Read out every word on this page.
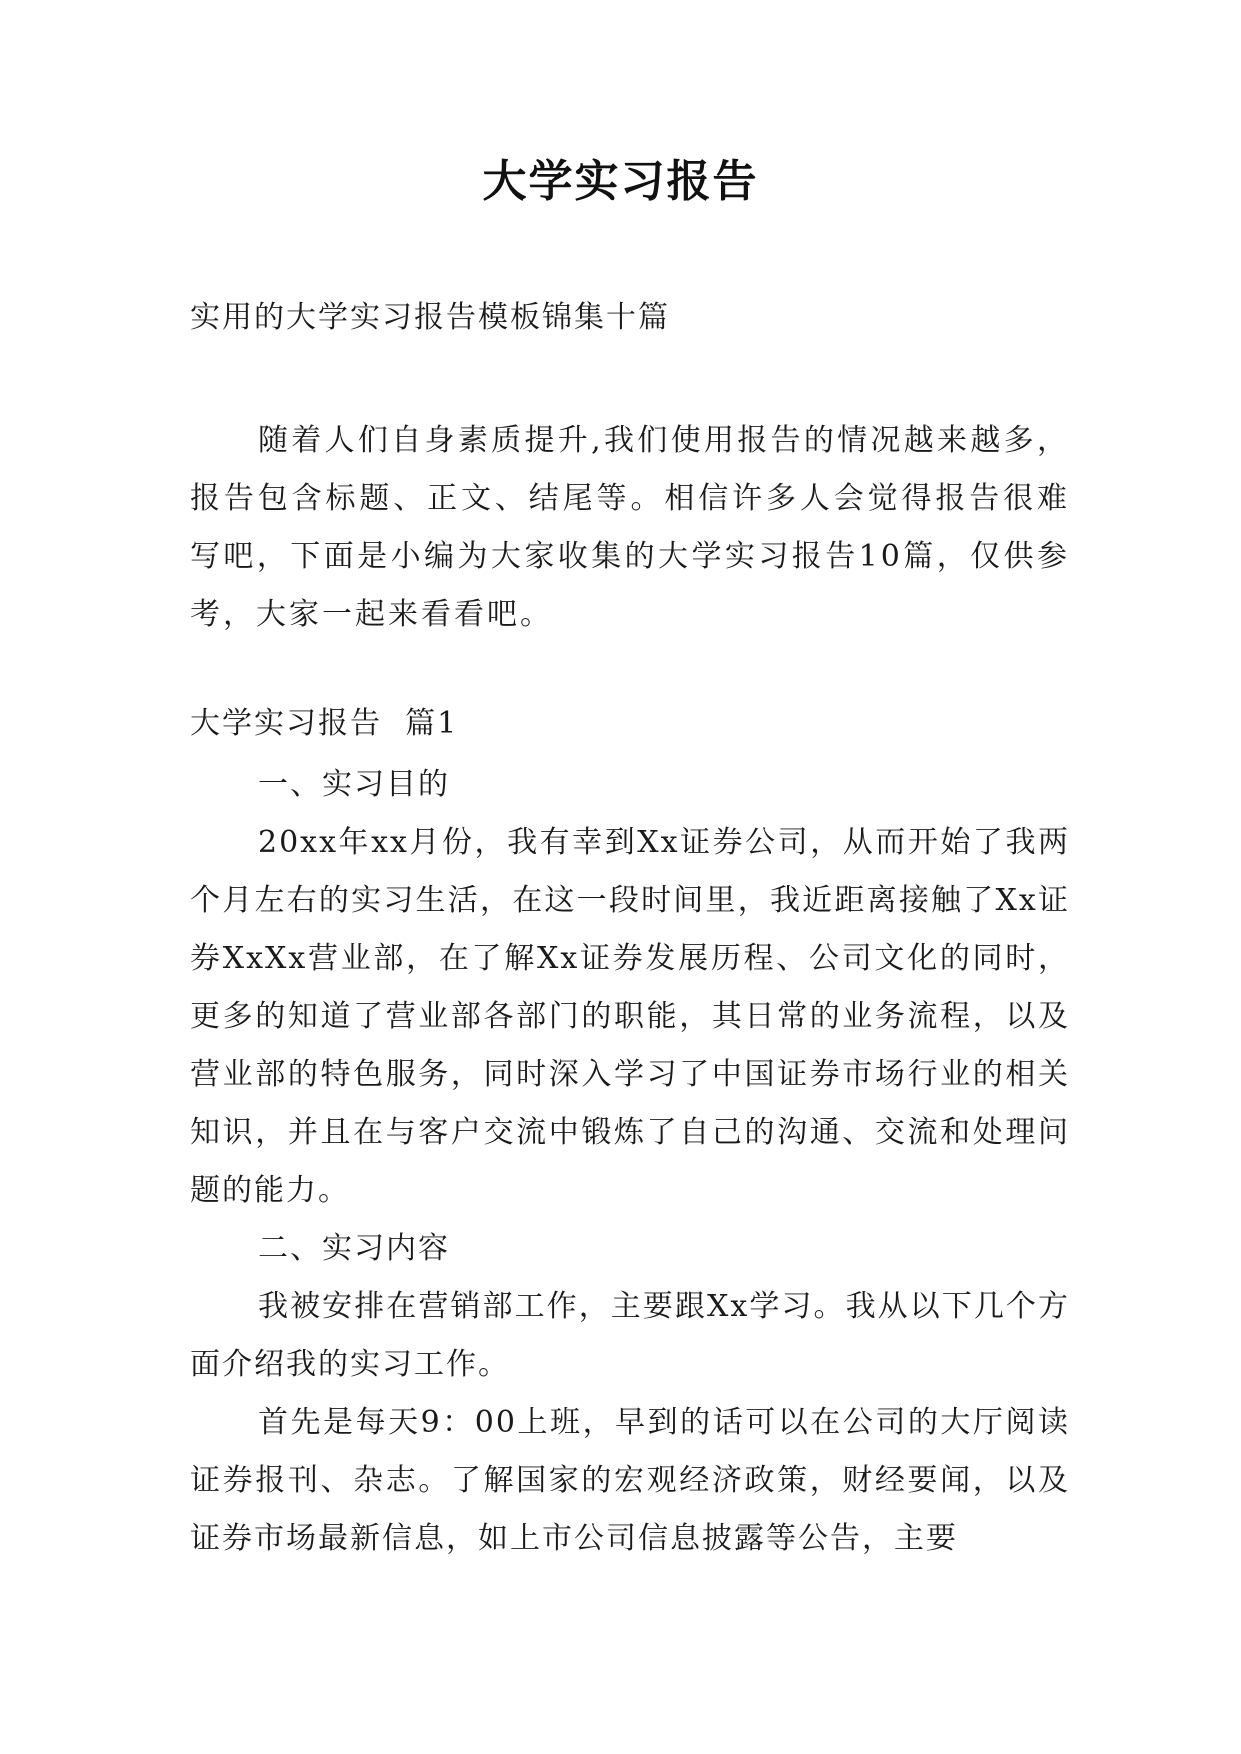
大学实习报告
实用的大学实习报告模板锦集十篇
随着人们自身素质提升,我们使用报告的情况越来越多，报告包含标题、正文、结尾等。相信许多人会觉得报告很难写吧，下面是小编为大家收集的大学实习报告10篇，仅供参考，大家一起来看看吧。
大学实习报告  篇1

一、实习目的

20xx年xx月份，我有幸到Xx证券公司，从而开始了我两个月左右的实习生活，在这一段时间里，我近距离接触了Xx证券XxXx营业部，在了解Xx证券发展历程、公司文化的同时，更多的知道了营业部各部门的职能，其日常的业务流程，以及营业部的特色服务，同时深入学习了中国证券市场行业的相关知识，并且在与客户交流中锻炼了自己的沟通、交流和处理问题的能力。

二、实习内容

我被安排在营销部工作，主要跟Xx学习。我从以下几个方面介绍我的实习工作。

首先是每天9：00上班，早到的话可以在公司的大厅阅读证券报刊、杂志。了解国家的宏观经济政策，财经要闻，以及证券市场最新信息，如上市公司信息披露等公告，主要
